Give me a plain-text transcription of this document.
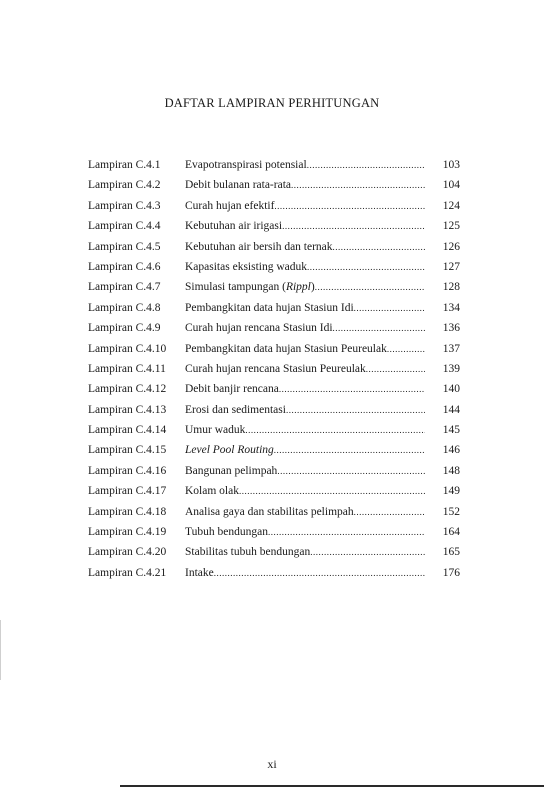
DAFTAR LAMPIRAN PERHITUNGAN
Lampiran C.4.1	Evapotranspirasi potensial .....	103
Lampiran C.4.2	Debit bulanan rata-rata .....	104
Lampiran C.4.3	Curah hujan efektif .....	124
Lampiran C.4.4	Kebutuhan air irigasi .....	125
Lampiran C.4.5	Kebutuhan air bersih dan ternak .....	126
Lampiran C.4.6	Kapasitas eksisting waduk .....	127
Lampiran C.4.7	Simulasi tampungan ( Rippl ) .....	128
Lampiran C.4.8	Pembangkitan data hujan Stasiun Idi .....	134
Lampiran C.4.9	Curah hujan rencana Stasiun Idi .....	136
Lampiran C.4.10	Pembangkitan data hujan Stasiun Peureulak .....	137
Lampiran C.4.11	Curah hujan rencana Stasiun Peureulak .....	139
Lampiran C.4.12	Debit banjir rencana .....	140
Lampiran C.4.13	Erosi dan sedimentasi .....	144
Lampiran C.4.14	Umur waduk .....	145
Lampiran C.4.15	Level Pool Routing .....	146
Lampiran C.4.16	Bangunan pelimpah .....	148
Lampiran C.4.17	Kolam olak .....	149
Lampiran C.4.18	Analisa gaya dan stabilitas pelimpah .....	152
Lampiran C.4.19	Tubuh bendungan .....	164
Lampiran C.4.20	Stabilitas tubuh bendungan .....	165
Lampiran C.4.21	Intake .....	176
xi
